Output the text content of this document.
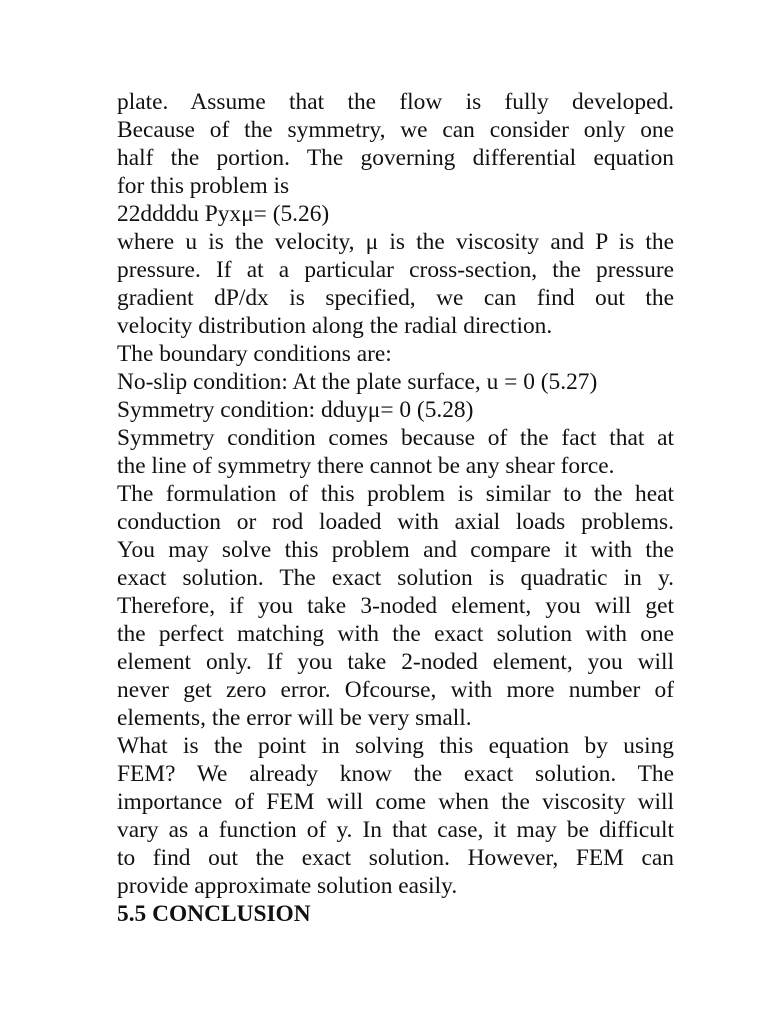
plate. Assume that the flow is fully developed.
Because of the symmetry, we can consider only one
half the portion. The governing differential equation
for this problem is
22ddddu Pyxμ= (5.26)
where u is the velocity, μ is the viscosity and P is the
pressure. If at a particular cross-section, the pressure
gradient dP/dx is specified, we can find out the
velocity distribution along the radial direction.
The boundary conditions are:
No-slip condition: At the plate surface, u = 0 (5.27)
Symmetry condition: dduyμ= 0 (5.28)
Symmetry condition comes because of the fact that at
the line of symmetry there cannot be any shear force.
The formulation of this problem is similar to the heat
conduction or rod loaded with axial loads problems.
You may solve this problem and compare it with the
exact solution. The exact solution is quadratic in y.
Therefore, if you take 3-noded element, you will get
the perfect matching with the exact solution with one
element only. If you take 2-noded element, you will
never get zero error. Ofcourse, with more number of
elements, the error will be very small.
What is the point in solving this equation by using
FEM? We already know the exact solution. The
importance of FEM will come when the viscosity will
vary as a function of y. In that case, it may be difficult
to find out the exact solution. However, FEM can
provide approximate solution easily.
5.5 CONCLUSION
